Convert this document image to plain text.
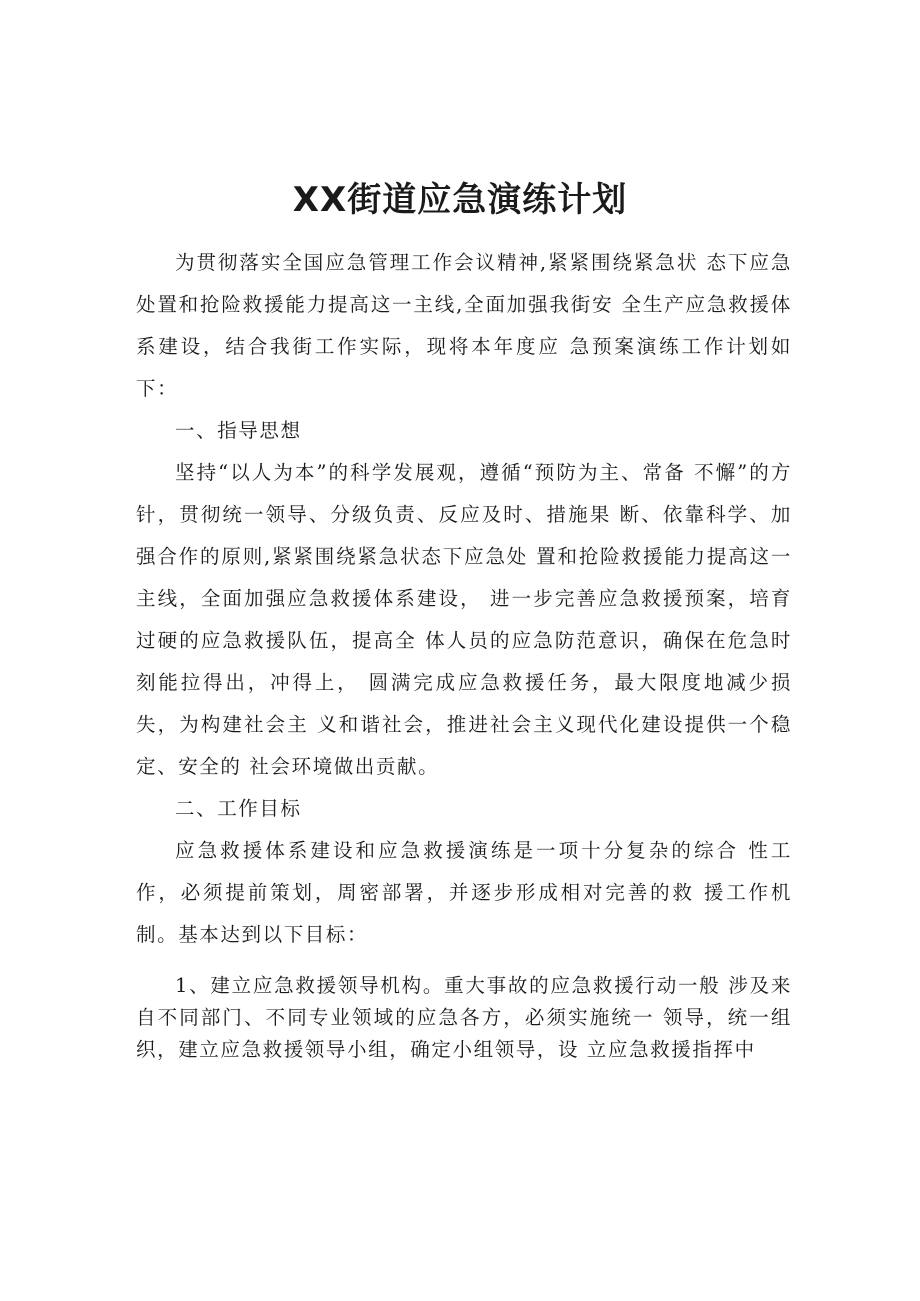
XX街道应急演练计划

为贯彻落实全国应急管理工作会议精神,紧紧围绕紧急状 态下应急处置和抢险救援能力提高这一主线,全面加强我街安 全生产应急救援体系建设，结合我街工作实际，现将本年度应 急预案演练工作计划如下：

一、指导思想

坚持“以人为本”的科学发展观，遵循“预防为主、常备 不懈”的方针，贯彻统一领导、分级负责、反应及时、措施果 断、依靠科学、加强合作的原则,紧紧围绕紧急状态下应急处 置和抢险救援能力提高这一主线，全面加强应急救援体系建设， 进一步完善应急救援预案，培育过硬的应急救援队伍，提高全 体人员的应急防范意识，确保在危急时刻能拉得出，冲得上， 圆满完成应急救援任务，最大限度地减少损失，为构建社会主 义和谐社会，推进社会主义现代化建设提供一个稳定、安全的 社会环境做出贡献。

二、工作目标

应急救援体系建设和应急救援演练是一项十分复杂的综合 性工作，必须提前策划，周密部署，并逐步形成相对完善的救 援工作机制。基本达到以下目标：

1、建立应急救援领导机构。重大事故的应急救援行动一般 涉及来自不同部门、不同专业领域的应急各方，必须实施统一 领导，统一组织，建立应急救援领导小组，确定小组领导，设 立应急救援指挥中
